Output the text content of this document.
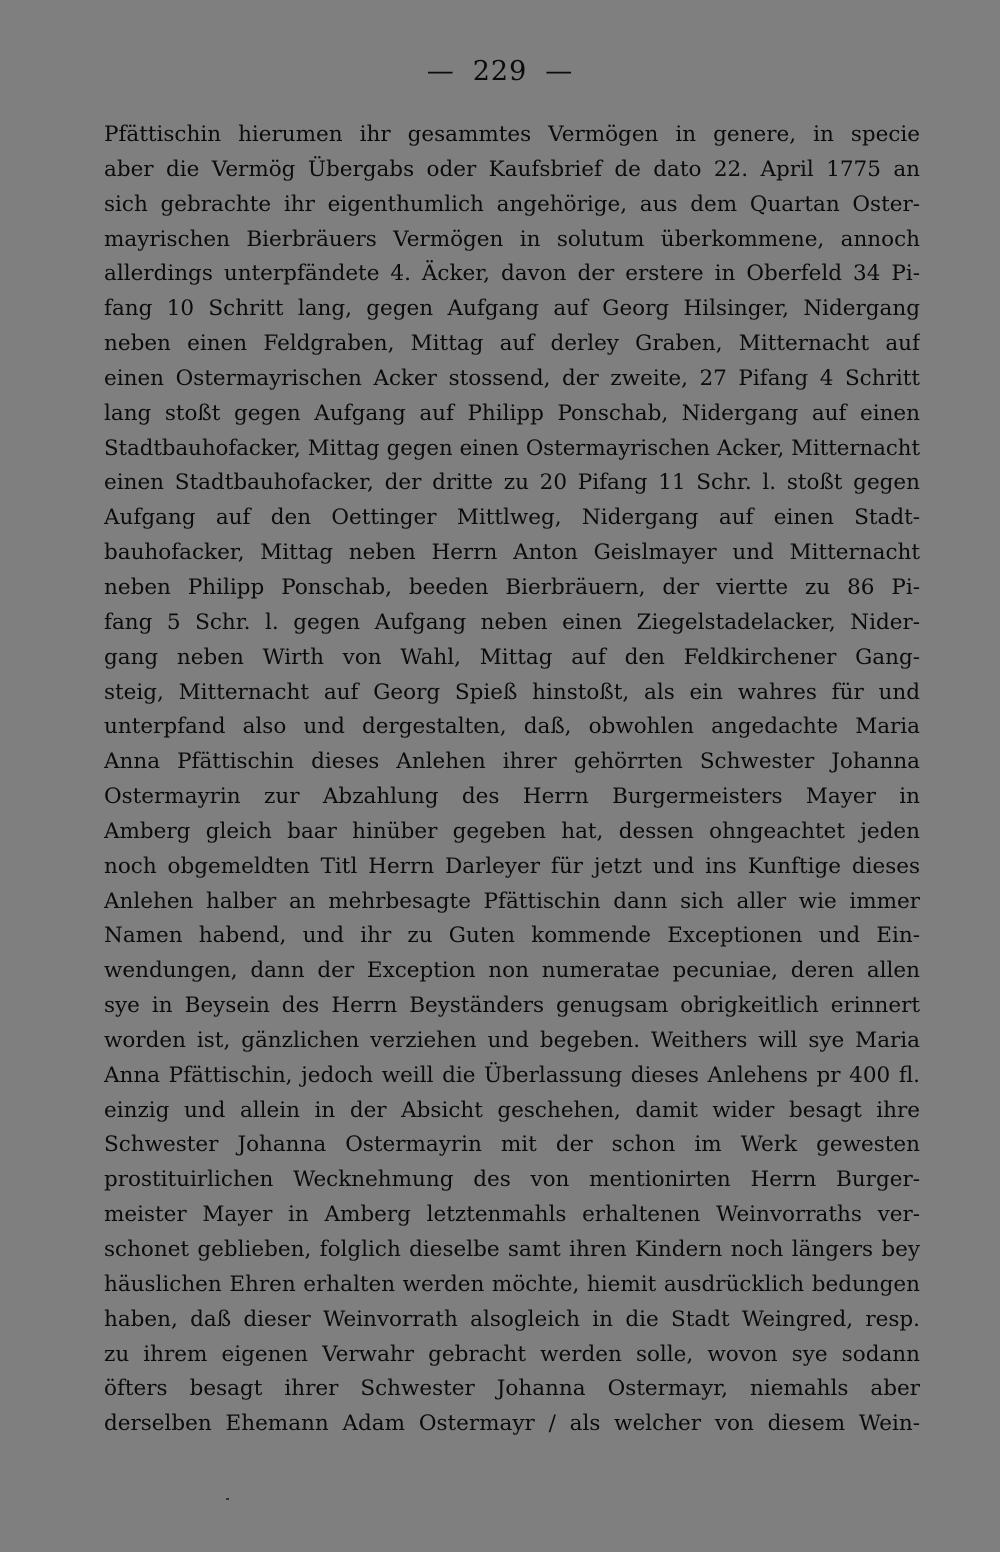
— 229 —
Pfättischin hierumen ihr gesammtes Vermögen in genere, in specie
aber die Vermög Übergabs oder Kaufsbrief de dato 22. April 1775 an
sich gebrachte ihr eigenthumlich angehörige, aus dem Quartan Oster-
mayrischen Bierbräuers Vermögen in solutum überkommene, annoch
allerdings unterpfändete 4. Äcker, davon der erstere in Oberfeld 34 Pi-
fang 10 Schritt lang, gegen Aufgang auf Georg Hilsinger, Nidergang
neben einen Feldgraben, Mittag auf derley Graben, Mitternacht auf
einen Ostermayrischen Acker stossend, der zweite, 27 Pifang 4 Schritt
lang stoßt gegen Aufgang auf Philipp Ponschab, Nidergang auf einen
Stadtbauhofacker, Mittag gegen einen Ostermayrischen Acker, Mitternacht
einen Stadtbauhofacker, der dritte zu 20 Pifang 11 Schr. l. stoßt gegen
Aufgang auf den Oettinger Mittlweg, Nidergang auf einen Stadt-
bauhofacker, Mittag neben Herrn Anton Geislmayer und Mitternacht
neben Philipp Ponschab, beeden Bierbräuern, der viertte zu 86 Pi-
fang 5 Schr. l. gegen Aufgang neben einen Ziegelstadelacker, Nider-
gang neben Wirth von Wahl, Mittag auf den Feldkirchener Gang-
steig, Mitternacht auf Georg Spieß hinstoßt, als ein wahres für und
unterpfand also und dergestalten, daß, obwohlen angedachte Maria
Anna Pfättischin dieses Anlehen ihrer gehörrten Schwester Johanna
Ostermayrin zur Abzahlung des Herrn Burgermeisters Mayer in
Amberg gleich baar hinüber gegeben hat, dessen ohngeachtet jeden
noch obgemeldten Titl Herrn Darleyer für jetzt und ins Kunftige dieses
Anlehen halber an mehrbesagte Pfättischin dann sich aller wie immer
Namen habend, und ihr zu Guten kommende Exceptionen und Ein-
wendungen, dann der Exception non numeratae pecuniae, deren allen
sye in Beysein des Herrn Beyständers genugsam obrigkeitlich erinnert
worden ist, gänzlichen verziehen und begeben. Weithers will sye Maria
Anna Pfättischin, jedoch weill die Überlassung dieses Anlehens pr 400 fl.
einzig und allein in der Absicht geschehen, damit wider besagt ihre
Schwester Johanna Ostermayrin mit der schon im Werk gewesten
prostituirlichen Wecknehmung des von mentionirten Herrn Burger-
meister Mayer in Amberg letztenmahls erhaltenen Weinvorraths ver-
schonet geblieben, folglich dieselbe samt ihren Kindern noch längers bey
häuslichen Ehren erhalten werden möchte, hiemit ausdrücklich bedungen
haben, daß dieser Weinvorrath alsogleich in die Stadt Weingred, resp.
zu ihrem eigenen Verwahr gebracht werden solle, wovon sye sodann
öfters besagt ihrer Schwester Johanna Ostermayr, niemahls aber
derselben Ehemann Adam Ostermayr / als welcher von diesem Wein-
